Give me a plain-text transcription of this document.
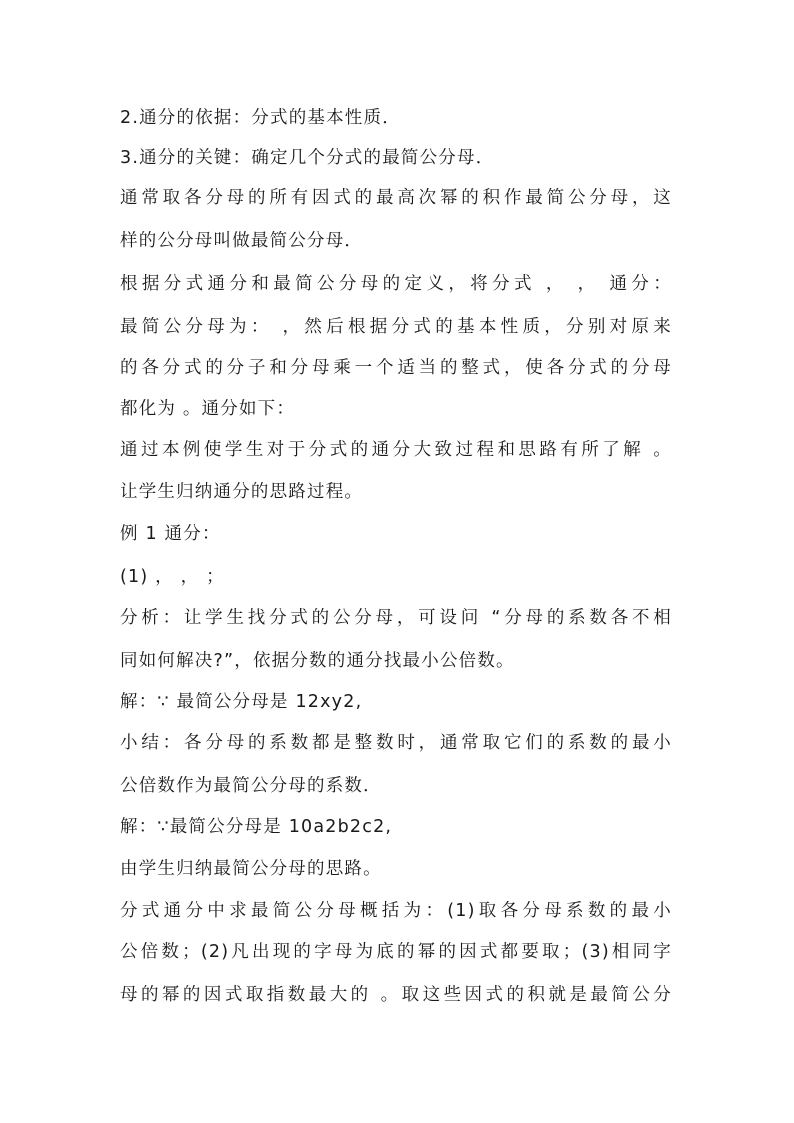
2.通分的依据：分式的基本性质．
3.通分的关键：确定几个分式的最简公分母．
通常取各分母的所有因式的最高次幂的积作最简公分母，这
样的公分母叫做最简公分母．
根据分式通分和最简公分母的定义，将分式 ， ， 通分：
最简公分母为： ，然后根据分式的基本性质，分别对原来
的各分式的分子和分母乘一个适当的整式，使各分式的分母
都化为 。通分如下：
通过本例使学生对于分式的通分大致过程和思路有所了解 。
让学生归纳通分的思路过程。
例 1 通分：
(1) ， ， ；
分析：让学生找分式的公分母，可设问 “分母的系数各不相
同如何解决?”，依据分数的通分找最小公倍数。
解：∵ 最简公分母是 12xy2,
小结：各分母的系数都是整数时，通常取它们的系数的最小
公倍数作为最简公分母的系数．
解：∵最简公分母是 10a2b2c2,
由学生归纳最简公分母的思路。
分式通分中求最简公分母概括为：(1)取各分母系数的最小
公倍数；(2)凡出现的字母为底的幂的因式都要取；(3)相同字
母的幂的因式取指数最大的 。取这些因式的积就是最简公分
